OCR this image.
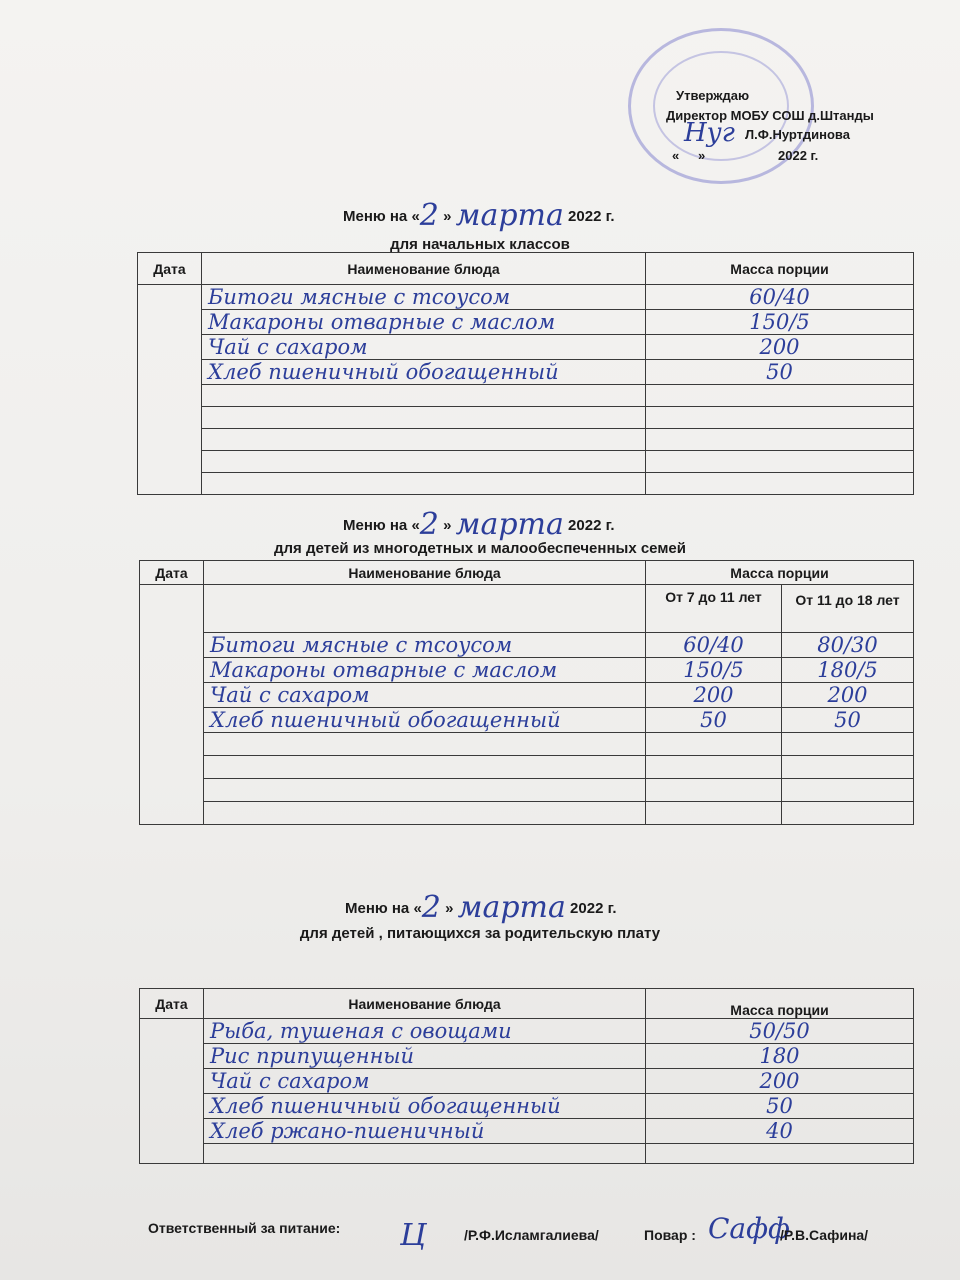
Утверждаю
Директор МОБУ СОШ д.Штанды
Нуг Л.Ф.Нуртдинова
« »	2022 г.
Меню на «2 » марта 2022 г.
для начальных классов
Дата	Наименование блюда	Масса порции
	Битоги мясные с тсоусом	60/40
	Макароны отварные с маслом	150/5
	Чай с сахаром	200
	Хлеб пшеничный обогащенный	50

Меню на «2 » марта 2022 г.
для детей из многодетных и малообеспеченных семей
Дата	Наименование блюда	Масса порции	
		От 7 до 11 лет	От 11 до 18 лет
	Битоги мясные с тсоусом	60/40	80/30
	Макароны отварные с маслом	150/5	180/5
	Чай с сахаром	200	200
	Хлеб пшеничный обогащенный	50	50

Меню на «2 » марта 2022 г.
для детей , питающихся за родительскую плату
Дата	Наименование блюда	Масса порции
	Рыба, тушеная с овощами	50/50
	Рис припущенный	180
	Чай с сахаром	200
	Хлеб пшеничный обогащенный	50
	Хлеб ржано-пшеничный	40

Ответственный за питание: Ц	/Р.Ф.Исламгалиева/	Повар : Сафф
/Р.В.Сафина/
